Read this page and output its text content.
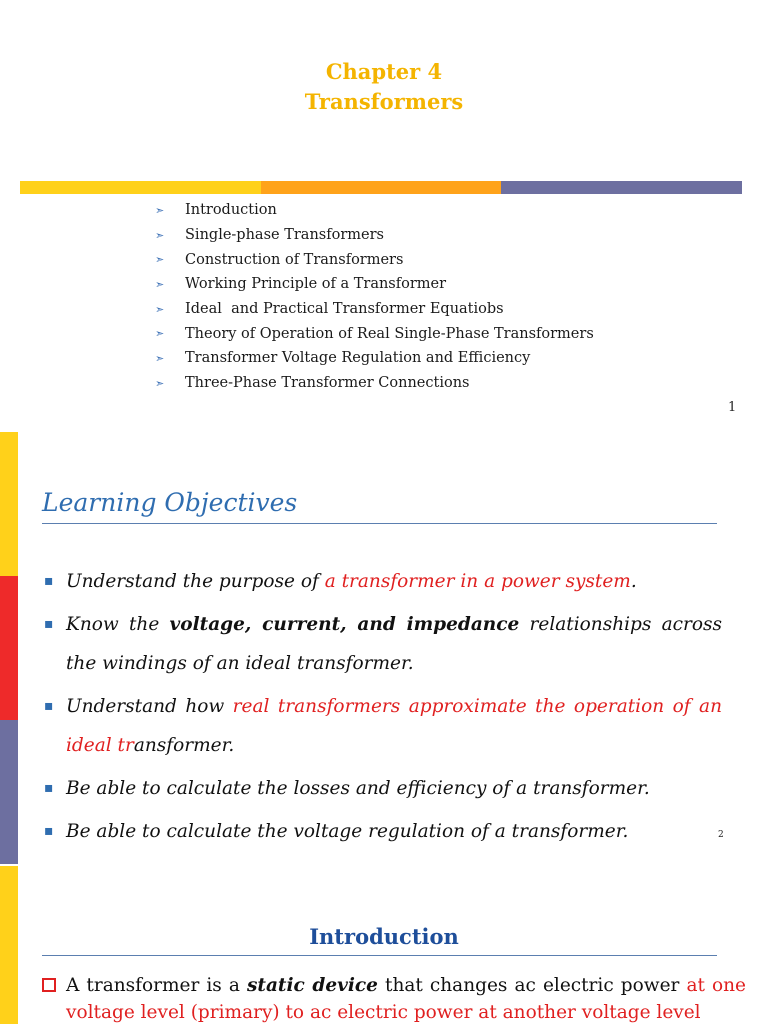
Chapter 4
Transformers
➣
Introduction
➣
Single-phase Transformers
➣
Construction of Transformers
➣
Working Principle of a Transformer
➣
Ideal  and Practical Transformer Equatiobs
➣
Theory of Operation of Real Single-Phase Transformers
➣
Transformer Voltage Regulation and Efficiency
➣
Three-Phase Transformer Connections
1
Learning Objectives
▪ Understand the purpose of a transformer in a power system.
▪ Know the voltage, current, and impedance relationships across the windings of an ideal transformer.
▪ Understand how real transformers approximate the operation of an ideal transformer.
▪ Be able to calculate the losses and efficiency of a transformer.
▪ Be able to calculate the voltage regulation of a transformer.	2
Introduction
A transformer is a static device that changes ac electric power at one voltage level (primary) to ac electric power at another voltage level
